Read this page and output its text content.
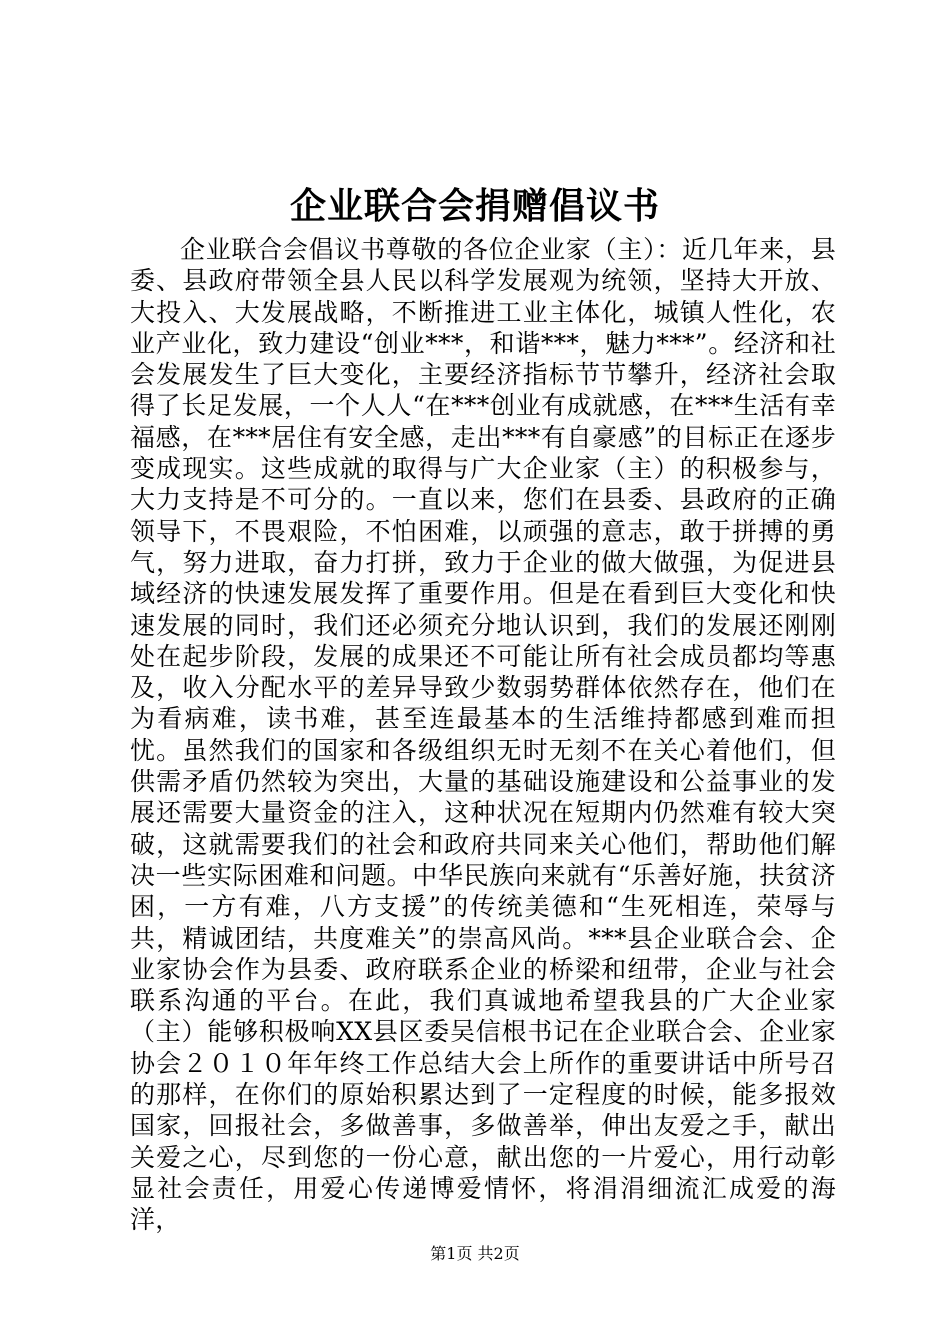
企业联合会捐赠倡议书
企业联合会倡议书尊敬的各位企业家（主）：近几年来，县委、县政府带领全县人民以科学发展观为统领，坚持大开放、大投入、大发展战略，不断推进工业主体化，城镇人性化，农业产业化，致力建设“创业***，和谐***，魅力***”。经济和社会发展发生了巨大变化，主要经济指标节节攀升，经济社会取得了长足发展，一个人人“在***创业有成就感，在***生活有幸福感，在***居住有安全感，走出***有自豪感”的目标正在逐步变成现实。这些成就的取得与广大企业家（主）的积极参与，大力支持是不可分的。一直以来，您们在县委、县政府的正确领导下，不畏艰险，不怕困难，以顽强的意志，敢于拼搏的勇气，努力进取，奋力打拼，致力于企业的做大做强，为促进县域经济的快速发展发挥了重要作用。但是在看到巨大变化和快速发展的同时，我们还必须充分地认识到，我们的发展还刚刚处在起步阶段，发展的成果还不可能让所有社会成员都均等惠及，收入分配水平的差异导致少数弱势群体依然存在，他们在为看病难，读书难，甚至连最基本的生活维持都感到难而担忧。虽然我们的国家和各级组织无时无刻不在关心着他们，但供需矛盾仍然较为突出，大量的基础设施建设和公益事业的发展还需要大量资金的注入，这种状况在短期内仍然难有较大突破，这就需要我们的社会和政府共同来关心他们，帮助他们解决一些实际困难和问题。中华民族向来就有“乐善好施，扶贫济困，一方有难，八方支援”的传统美德和“生死相连，荣辱与共，精诚团结，共度难关”的崇高风尚。***县企业联合会、企业家协会作为县委、政府联系企业的桥梁和纽带，企业与社会联系沟通的平台。在此，我们真诚地希望我县的广大企业家（主）能够积极响XX县区委吴信根书记在企业联合会、企业家协会２０１０年年终工作总结大会上所作的重要讲话中所号召的那样，在你们的原始积累达到了一定程度的时候，能多报效国家，回报社会，多做善事，多做善举，伸出友爱之手，献出关爱之心，尽到您的一份心意，献出您的一片爱心，用行动彰显社会责任，用爱心传递博爱情怀，将涓涓细流汇成爱的海洋，
第1页 共2页
